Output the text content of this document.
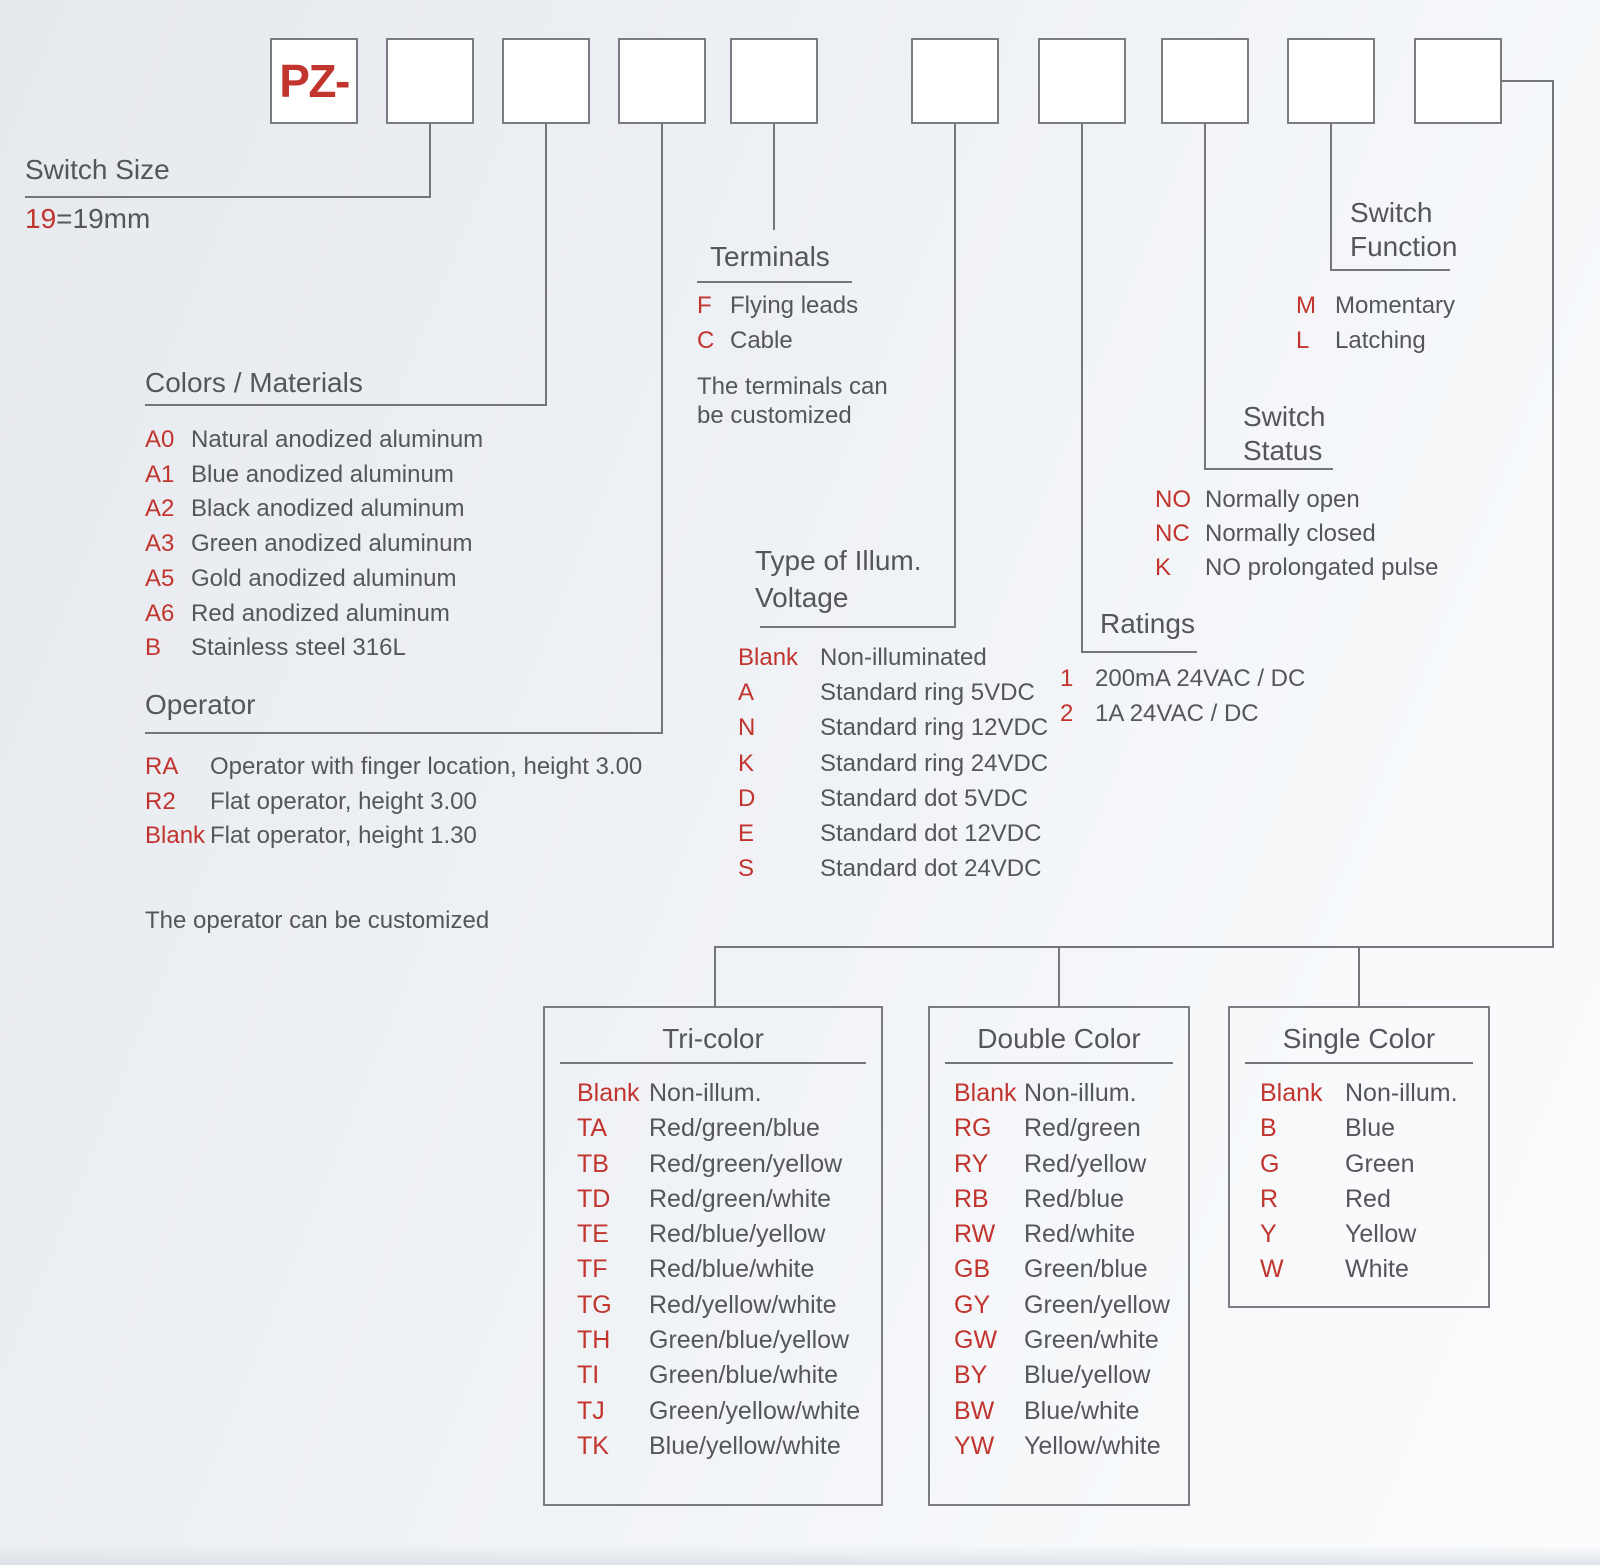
PZ-
Switch Size
19=19mm
Colors / Materials
A0 Natural anodized aluminum
A1 Blue anodized aluminum
A2 Black anodized aluminum
A3 Green anodized aluminum
A5 Gold anodized aluminum
A6 Red anodized aluminum
B	Stainless steel 316L
Operator
RA	Operator with finger location, height 3.00
R2	Flat operator, height 3.00
Blank Flat operator, height 1.30
The operator can be customized
Terminals
F Flying leads
C Cable
The terminals can
be customized
Type of Illum.
Voltage
Blank Non-illuminated
A	Standard ring 5VDC
N	Standard ring 12VDC
K	Standard ring 24VDC
D	Standard dot 5VDC
E	Standard dot 12VDC
S	Standard dot 24VDC
Ratings
1 200mA 24VAC / DC
2 1A 24VAC / DC
Switch
Status
NO Normally open
NC Normally closed
K	NO prolongated pulse
Switch
Function
M Momentary
L	Latching
Tri-color
Blank Non-illum.
TA	Red/green/blue
TB	Red/green/yellow
TD	Red/green/white
TE	Red/blue/yellow
TF	Red/blue/white
TG	Red/yellow/white
TH	Green/blue/yellow
TI	Green/blue/white
TJ	Green/yellow/white
TK	Blue/yellow/white
Double Color
Blank Non-illum.
RG	Red/green
RY	Red/yellow
RB	Red/blue
RW	Red/white
GB	Green/blue
GY	Green/yellow
GW	Green/white
BY	Blue/yellow
BW	Blue/white
YW	Yellow/white
Single Color
Blank Non-illum.
B	Blue
G	Green
R	Red
Y	Yellow
W	White
